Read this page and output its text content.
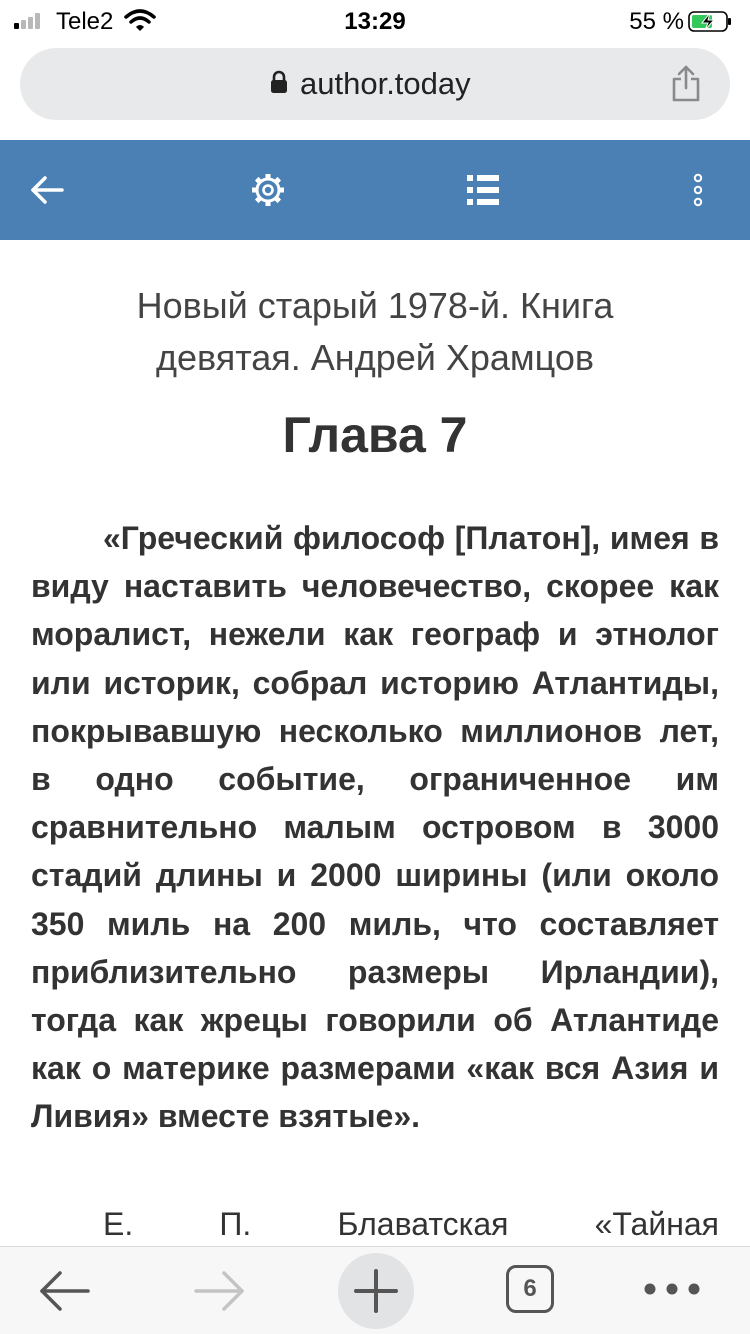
Tele2	13:29	55 %
author.today
Новый старый 1978-й. Книга девятая. Андрей Храмцов
Глава 7

«Греческий философ [Платон], имея в виду наставить человечество, скорее как моралист, нежели как географ и этнолог или историк, собрал историю Атлантиды, покрывавшую несколько миллионов лет, в одно событие, ограниченное им сравнительно малым островом в 3000 стадий длины и 2000 ширины (или около 350 миль на 200 миль, что составляет приблизительно размеры Ирландии), тогда как жрецы говорили об Атлантиде как о материке размерами «как вся Азия и Ливия» вместе взятые».

Е. П. Блаватская «Тайная

6
